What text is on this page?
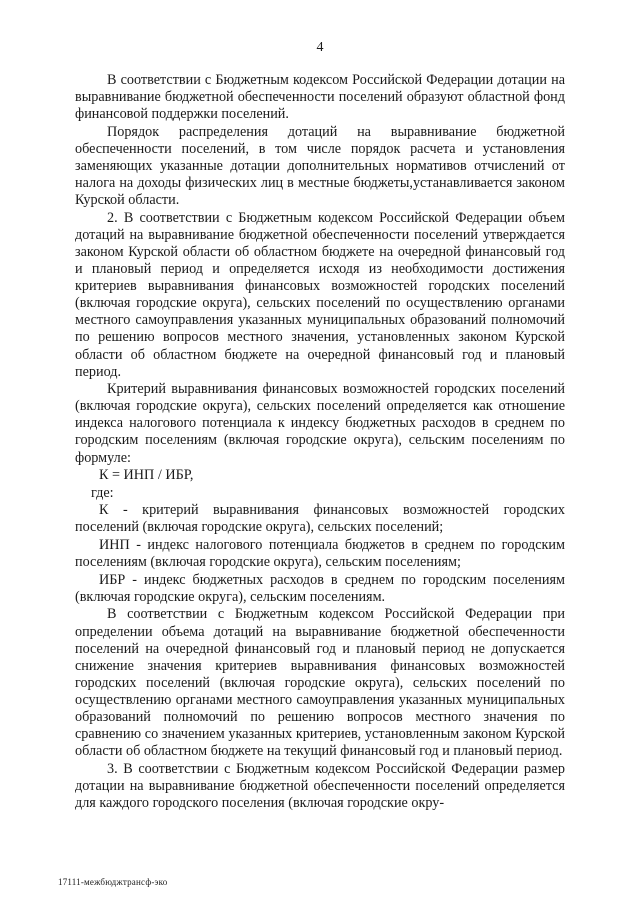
4

В соответствии с Бюджетным кодексом Российской Федерации дотации на выравнивание бюджетной обеспеченности поселений образуют областной фонд финансовой поддержки поселений.

Порядок распределения дотаций на выравнивание бюджетной обеспеченности поселений, в том числе порядок расчета и установления заменяющих указанные дотации дополнительных нормативов отчислений от налога на доходы физических лиц в местные бюджеты,устанавливается законом Курской области.

2. В соответствии с Бюджетным кодексом Российской Федерации объем дотаций на выравнивание бюджетной обеспеченности поселений утверждается законом Курской области об областном бюджете на очередной финансовый год и плановый период и определяется исходя из необходимости достижения критериев выравнивания финансовых возможностей городских поселений (включая городские округа), сельских поселений по осуществлению органами местного самоуправления указанных муниципальных образований полномочий по решению вопросов местного значения, установленных законом Курской области об областном бюджете на очередной финансовый год и плановый период.

Критерий выравнивания финансовых возможностей городских поселений (включая городские округа), сельских поселений определяется как отношение индекса налогового потенциала к индексу бюджетных расходов в среднем по городским поселениям (включая городские округа), сельским поселениям по формуле:

К = ИНП / ИБР,

где:

К - критерий выравнивания финансовых возможностей городских поселений (включая городские округа), сельских поселений;

ИНП - индекс налогового потенциала бюджетов в среднем по городским поселениям (включая городские округа), сельским поселениям;

ИБР - индекс бюджетных расходов в среднем по городским поселениям (включая городские округа), сельским поселениям.

В соответствии с Бюджетным кодексом Российской Федерации при определении объема дотаций на выравнивание бюджетной обеспеченности поселений на очередной финансовый год и плановый период не допускается снижение значения критериев выравнивания финансовых возможностей городских поселений (включая городские округа), сельских поселений по осуществлению органами местного самоуправления указанных муниципальных образований полномочий по решению вопросов местного значения по сравнению со значением указанных критериев, установленным законом Курской области об областном бюджете на текущий финансовый год и плановый период.

3. В соответствии с Бюджетным кодексом Российской Федерации размер дотации на выравнивание бюджетной обеспеченности поселений определяется для каждого городского поселения (включая городские окру-

17111-межбюджтрансф-эко
